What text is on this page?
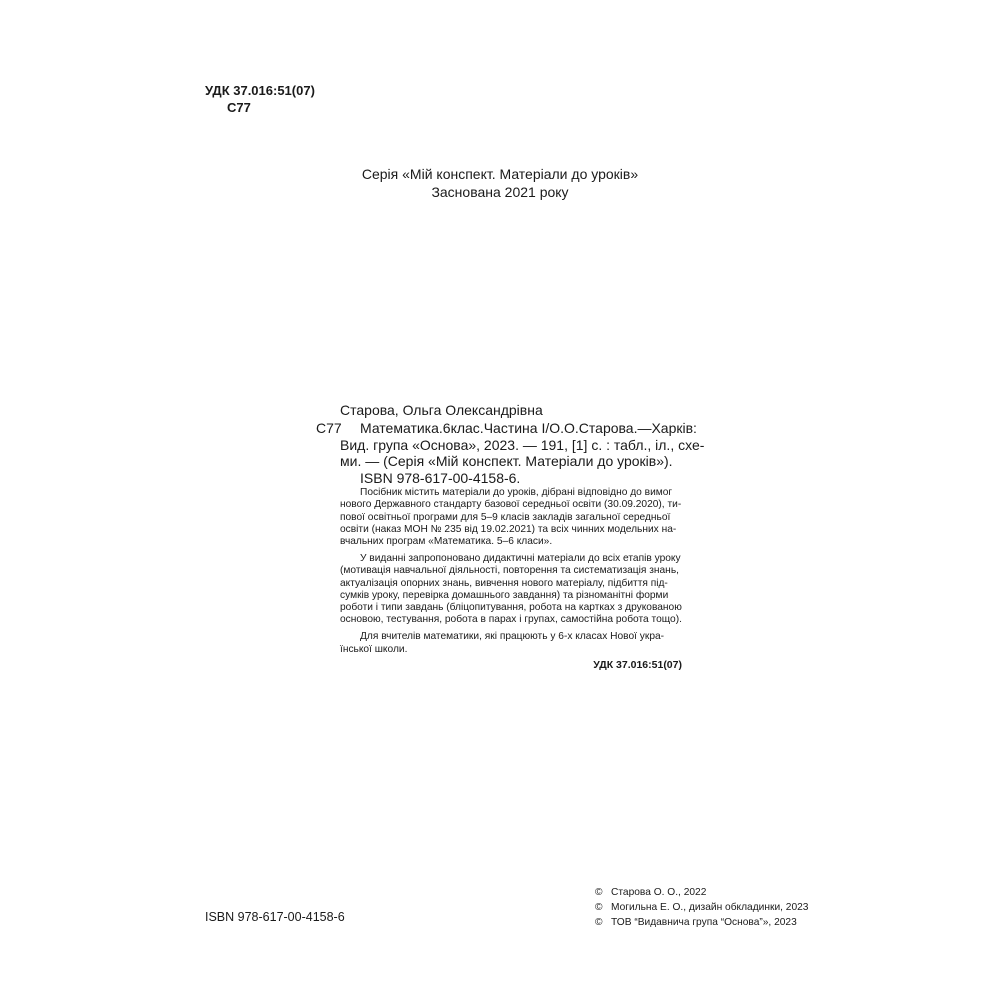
УДК 37.016:51(07)
С77
Серія «Мій конспект. Матеріали до уроків»
Заснована 2021 року
Старова, Ольга Олександрівна
С77	Математика.6клас.Частина I/О.О.Старова.—Харків:
Вид. група «Основа», 2023. — 191, [1] с. : табл., іл., схе-
ми. — (Серія «Мій конспект. Матеріали до уроків»).
ISBN 978-617-00-4158-6.

Посібник містить матеріали до уроків, дібрані відповідно до вимог
нового Державного стандарту базової середньої освіти (30.09.2020), ти-
пової освітньої програми для 5–9 класів закладів загальної середньої
освіти (наказ МОН № 235 від 19.02.2021) та всіх чинних модельних на-
вчальних програм «Математика. 5–6 класи».

У виданні запропоновано дидактичні матеріали до всіх етапів уроку
(мотивація навчальної діяльності, повторення та систематизація знань,
актуалізація опорних знань, вивчення нового матеріалу, підбиття під-
сумків уроку, перевірка домашнього завдання) та різноманітні форми
роботи і типи завдань (бліцопитування, робота на картках з друкованою
основою, тестування, робота в парах і групах, самостійна робота тощо).

Для вчителів математики, які працюють у 6-х класах Нової укра-
їнської школи.

УДК 37.016:51(07)
ISBN 978-617-00-4158-6
© Старова О. О., 2022
© Могильна Е. О., дизайн обкладинки, 2023
© ТОВ “Видавнича група “Основа”», 2023
